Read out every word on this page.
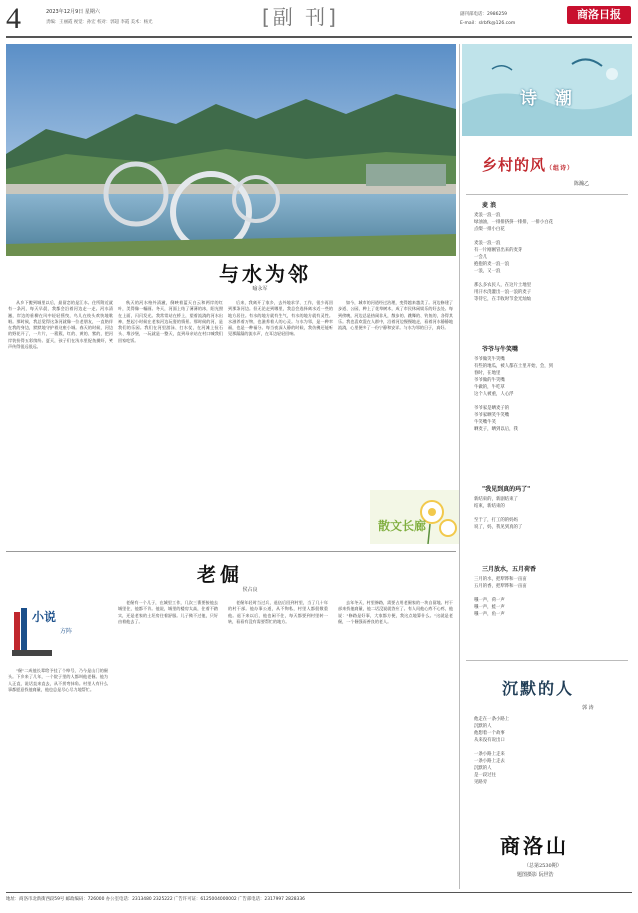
4	2023年12月9日 星期六
责编：王丽霞 视觉：孙宏 校对：郭超 李霞 美术：杨光	[副 刊]	副刊部电话：2986259
E-mail：slrbfk@126.com
商洛日报
与水为邻
喻永军

从乡下搬到城里以后，最留恋的是江水。住所附近就有一条河，每天早晨，我都会沿着河边走一走。河水清澈，岸边的垂柳在风中轻轻摇曳，鸟儿在枝头欢快地歌唱。那时候，我总觉得这条河就像一位老朋友，一直陪伴在我的身边，默默地守护着这座小城。春天的时候，河边的野花开了，一片片，一簇簇，红的、黄的、紫的，把河岸装扮得五彩缤纷。夏天，孩子们在浅水里捉鱼摸虾，笑声传得很远很远。

秋天的河水格外清澈，倒映着蓝天白云和两岸的红叶，美得像一幅画。冬天，河面上结了薄薄的冰，阳光照在上面，闪闪发光。我常常站在桥上，望着流淌的河水出神，想起小时候在老家河边玩耍的情景。那时候的河，是我们的乐园。我们在河里游泳、打水仗，在河滩上捡石头、堆沙堡，一玩就是一整天，直到母亲站在村口喊我们回家吃饭。

后来，我离开了家乡，去外地求学、工作，很少再回到那条河边。但无论走到哪里，我总会选择离水近一些的地方居住。有水的地方就有生气，有水的地方就有灵性。水滋养着万物，也滋养着人的心灵。与水为邻，是一种幸福，也是一种福分。每当夜深人静的时候，我仿佛还能听见那潺潺的流水声，在耳边轻轻回响。

如今，城市的河道经过治理，变得越来越美了。河边修建了步道、公园，种上了花草树木，成了市民休闲娱乐的好去处。每到傍晚，河边总是热闹非凡，散步的、跳舞的、钓鱼的，各得其乐。我也喜欢混在人群中，沿着河边慢慢地走，看着河水静静地流淌，心里便多了一份宁静和安详。与水为邻的日子，真好。

散文长廊
老倔
侯占良
小说
方阵

"倔"二成他长辈给予挂了个绰号，乃今是山门的倔头。下乡来了几年，一个院子里的人都叫他老倔。他为人正直，说话直来直去，从不拐弯抹角。村里人有什么事都愿意找他商量，他也总是尽心尽力地帮忙。

老倔有一个儿子，在城里工作，几次三番要接他去城里住，他都不肯。他说，城里的楼房太高，住着不踏实，还是老家的土坯房住着舒服。儿子拗不过他，只好由着他去了。

老倔年轻时当过兵，退伍后回到村里，当了几十年的村干部。他办事公道，从不徇私，村里人都很敬重他。退下来以后，他也闲不住，每天都要到村里转一转，看看有没有需要帮忙的地方。

去年冬天，村里修路，需要占用老倔家的一块自留地。村干部来找他商量，他二话没说就答应了。有人问他心疼不心疼，他说："修路是好事，大家都方便，我这点地算什么。"这就是老倔，一个倔强而善良的老人。

诗 潮
乡村的风（组诗）
陈瀚乙
麦 浪
麦浪一浪一浪
绿油油，一排排挤挤一排排，一排小白花
点缀一排小白花

麦浪一浪一浪
有一片刚刚冒出来的麦芽
一会儿
抱抱的麦一浪一浪
一浪，又一浪

那么多农民人，在这片土地里
用汗水浇灌出一浪一浪的麦子
等待它，在丰收时节金光灿灿
爷爷与牛笑嘴
爷爷做笑牛笑嘴
有些的地瓜，被人都在土里开始，会，到
春时，在地里
爷爷做的牛笑嘴
牛做的，牛吃草
这个人被重，人心浮

爷爷家是晒麦子的
爷爷家晒笑牛笑嘴
牛笑嘴牛笑
晒麦子，晒到以后，我
"我见到真的玛了"
新结束的，新剧结束了
结束，新结束的

至于了，打工的的妈妈
说了，妈，我见到真的了
三月放水，五月荷香
三月的水，把犁铧和一亩亩
五月的香，把犁铧和一亩亩

哦一声，荷一声
哦一声，蛙一声
哦一声，鱼一声
沉默的人
郭 涛
他走在一条小路上
沉默的人
他想着一个故事
从来没有说出口

一条小路上走来
一条小路上走去
沉默的人
是一段过往
见路旁
商洛山
（总第2530期）
题图摄影 阮世浩
地址：商洛市北新街西段59号 邮政编码：726000 办公室电话：2313480 2325222 广告许可证：6125004000002 广告部电话：2317997 2828336
